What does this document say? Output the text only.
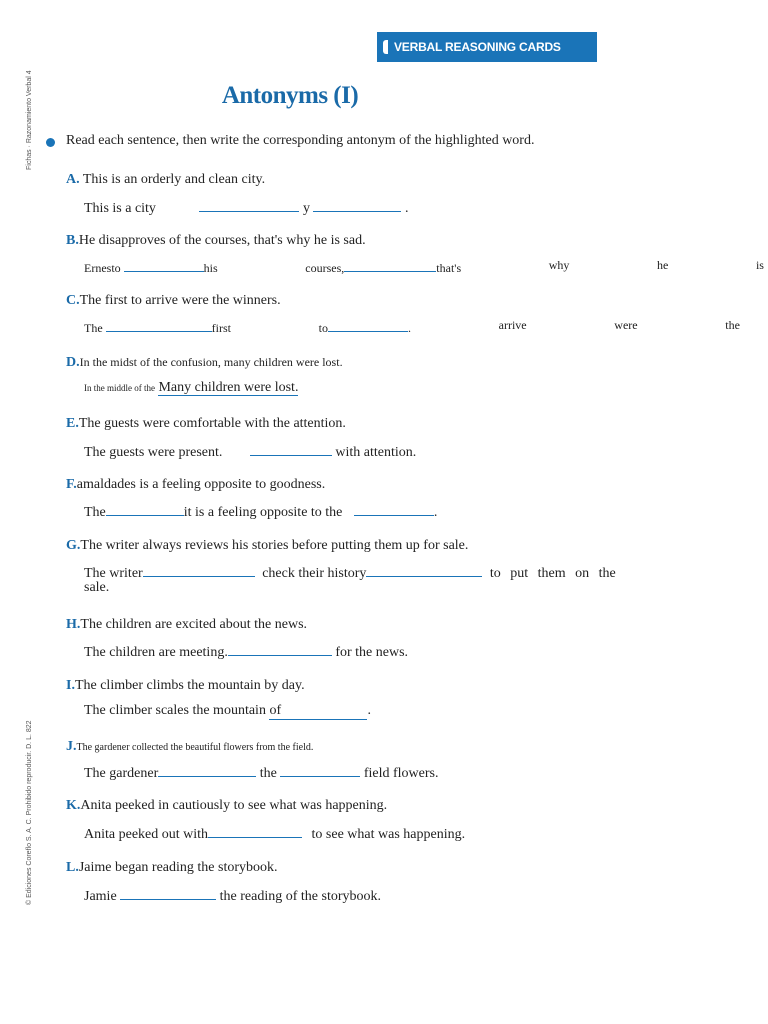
VERBAL REASONING CARDS
Antonyms (I)
Fichas · Razonamiento Verbal 4
© Ediciones Coreflo S. A. C. Prohibido reproducir. D. L. 822
Read each sentence, then write the corresponding antonym of the highlighted word.
A. This is an orderly and clean city.
This is a city	y	.
B.He disapproves of the courses, that's why he is sad.
Ernesto	his	courses,	that's	why	he	is
C.The first to arrive were the winners.
The	first	to	.	arrive	were	the
D.In the midst of the confusion, many children were lost.
In the middle of the Many children were lost.
E.The guests were comfortable with the attention.
The guests were present.	with attention.
F.amaldades is a feeling opposite to goodness.
The	it is a feeling opposite to the	.
G.The writer always reviews his stories before putting them up for sale.
The writer	check their history	to put them on the
sale.
H.The children are excited about the news.
The children are meeting.	for the news.
I.The climber climbs the mountain by day.
The climber scales the mountain of	.
J.The gardener collected the beautiful flowers from the field.
The gardener	the	field flowers.
K.Anita peeked in cautiously to see what was happening.
Anita peeked out with	to see what was happening.
L.Jaime began reading the storybook.
Jamie	the reading of the storybook.
